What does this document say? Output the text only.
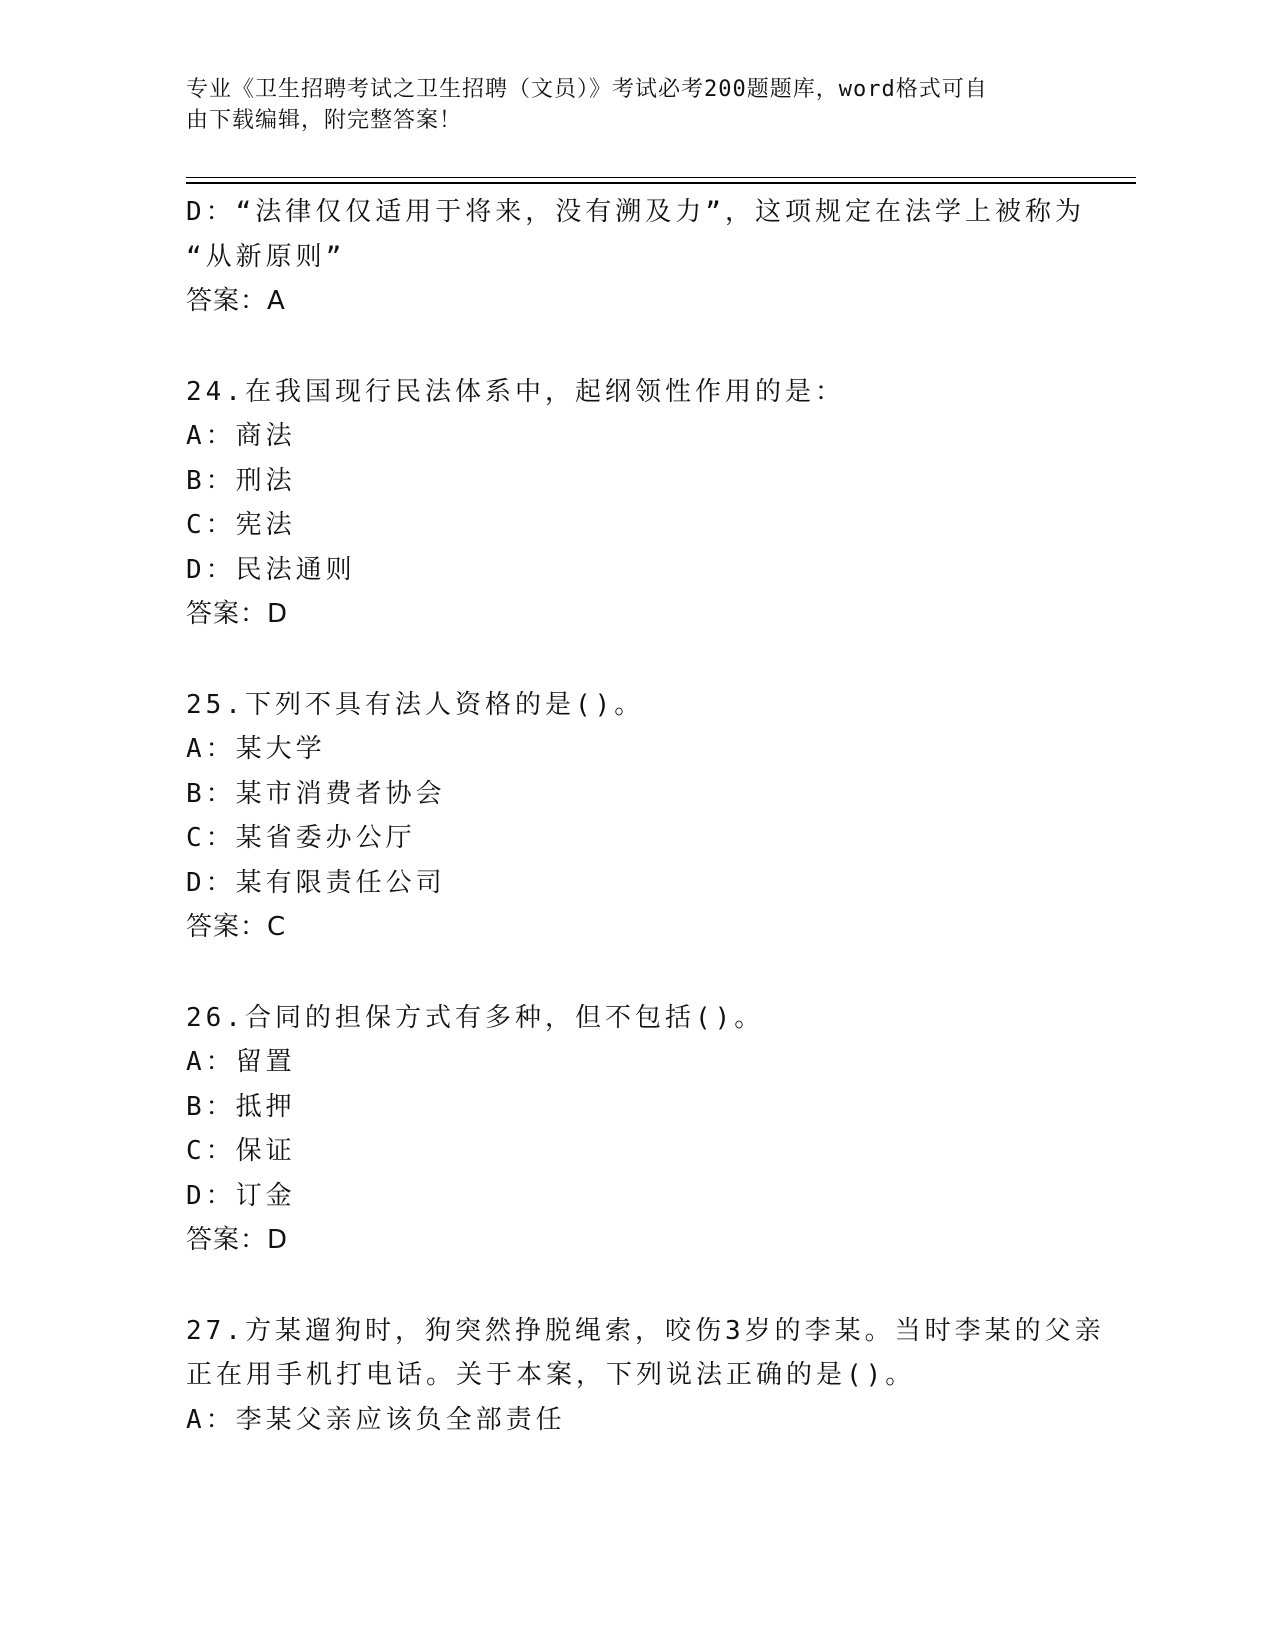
专业《卫生招聘考试之卫生招聘（文员）》考试必考200题题库，word格式可自
由下载编辑，附完整答案！
D：“法律仅仅适用于将来，没有溯及力”，这项规定在法学上被称为
“从新原则”
答案：A
24.在我国现行民法体系中，起纲领性作用的是：
A：商法
B：刑法
C：宪法
D：民法通则
答案：D
25.下列不具有法人资格的是()。
A：某大学
B：某市消费者协会
C：某省委办公厅
D：某有限责任公司
答案：C
26.合同的担保方式有多种，但不包括()。
A：留置
B：抵押
C：保证
D：订金
答案：D
27.方某遛狗时，狗突然挣脱绳索，咬伤3岁的李某。当时李某的父亲
正在用手机打电话。关于本案，下列说法正确的是()。
A：李某父亲应该负全部责任
